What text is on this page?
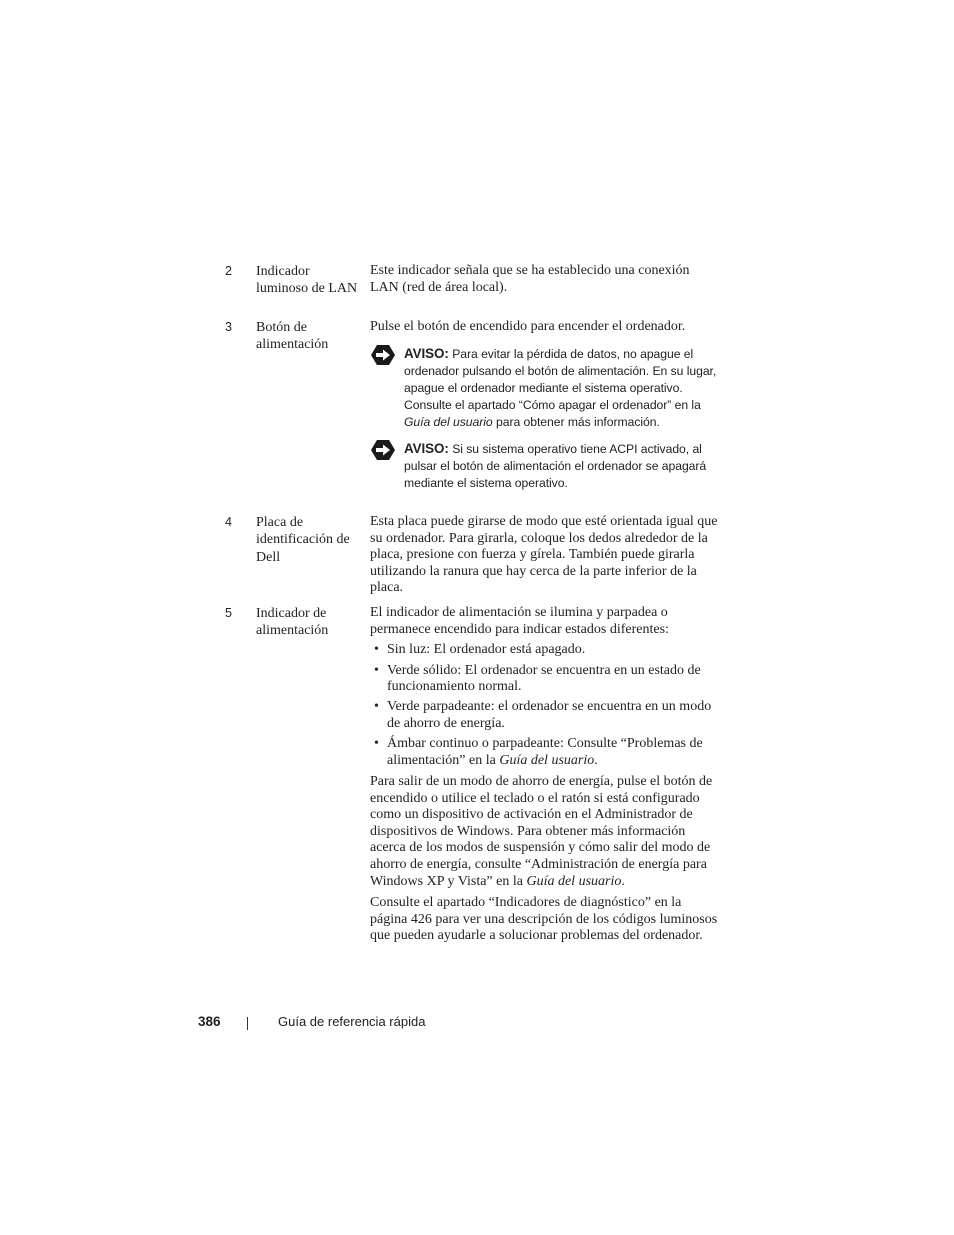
2 Indicador luminoso de LAN

Este indicador señala que se ha establecido una conexión LAN (red de área local).

3 Botón de alimentación

Pulse el botón de encendido para encender el ordenador.

AVISO: Para evitar la pérdida de datos, no apague el ordenador pulsando el botón de alimentación. En su lugar, apague el ordenador mediante el sistema operativo. Consulte el apartado “Cómo apagar el ordenador” en la Guía del usuario para obtener más información.
AVISO: Si su sistema operativo tiene ACPI activado, al pulsar el botón de alimentación el ordenador se apagará mediante el sistema operativo.
4 Placa de identificación de Dell

Esta placa puede girarse de modo que esté orientada igual que su ordenador. Para girarla, coloque los dedos alrededor de la placa, presione con fuerza y gírela. También puede girarla utilizando la ranura que hay cerca de la parte inferior de la placa.

5 Indicador de alimentación

El indicador de alimentación se ilumina y parpadea o permanece encendido para indicar estados diferentes:

• Sin luz: El ordenador está apagado.
• Verde sólido: El ordenador se encuentra en un estado de funcionamiento normal.
• Verde parpadeante: el ordenador se encuentra en un modo de ahorro de energía.
• Ámbar continuo o parpadeante: Consulte “Problemas de alimentación” en la Guía del usuario.

Para salir de un modo de ahorro de energía, pulse el botón de encendido o utilice el teclado o el ratón si está configurado como un dispositivo de activación en el Administrador de dispositivos de Windows. Para obtener más información acerca de los modos de suspensión y cómo salir del modo de ahorro de energía, consulte “Administración de energía para Windows XP y Vista” en la Guía del usuario.

Consulte el apartado “Indicadores de diagnóstico” en la página 426 para ver una descripción de los códigos luminosos que pueden ayudarle a solucionar problemas del ordenador.

386	Guía de referencia rápida
